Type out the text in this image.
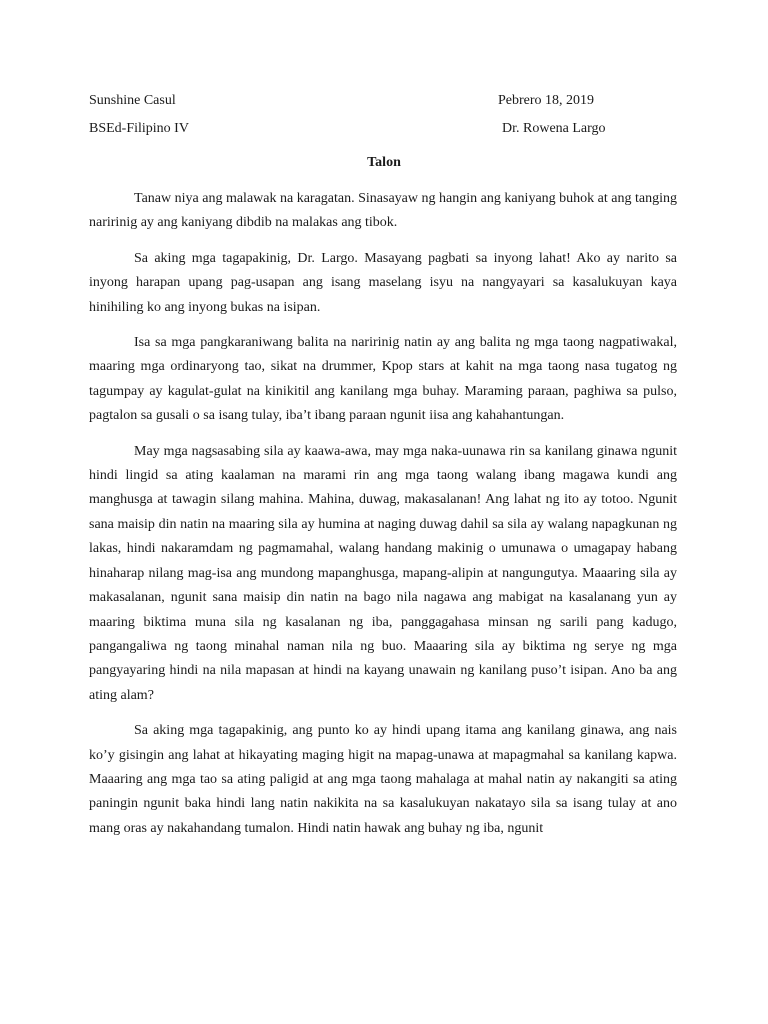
Sunshine Casul	Pebrero 18, 2019
BSEd-Filipino IV	Dr. Rowena Largo
Talon

Tanaw niya ang malawak na karagatan. Sinasayaw ng hangin ang kaniyang buhok at ang tanging naririnig ay ang kaniyang dibdib na malakas ang tibok.

Sa aking mga tagapakinig, Dr. Largo. Masayang pagbati sa inyong lahat! Ako ay narito sa inyong harapan upang pag-usapan ang isang maselang isyu na nangyayari sa kasalukuyan kaya hinihiling ko ang inyong bukas na isipan.

Isa sa mga pangkaraniwang balita na naririnig natin ay ang balita ng mga taong nagpatiwakal, maaring mga ordinaryong tao, sikat na drummer, Kpop stars at kahit na mga taong nasa tugatog ng tagumpay ay kagulat-gulat na kinikitil ang kanilang mga buhay. Maraming paraan, paghiwa sa pulso, pagtalon sa gusali o sa isang tulay, iba’t ibang paraan ngunit iisa ang kahahantungan.

May mga nagsasabing sila ay kaawa-awa, may mga naka-uunawa rin sa kanilang ginawa ngunit hindi lingid sa ating kaalaman na marami rin ang mga taong walang ibang magawa kundi ang manghusga at tawagin silang mahina. Mahina, duwag, makasalanan! Ang lahat ng ito ay totoo. Ngunit sana maisip din natin na maaring sila ay humina at naging duwag dahil sa sila ay walang napagkunan ng lakas, hindi nakaramdam ng pagmamahal, walang handang makinig o umunawa o umagapay habang hinaharap nilang mag-isa ang mundong mapanghusga, mapang-alipin at nangungutya. Maaaring sila ay makasalanan, ngunit sana maisip din natin na bago nila nagawa ang mabigat na kasalanang yun ay maaring biktima muna sila ng kasalanan ng iba, panggagahasa minsan ng sarili pang kadugo, pangangaliwa ng taong minahal naman nila ng buo. Maaaring sila ay biktima ng serye ng mga pangyayaring hindi na nila mapasan at hindi na kayang unawain ng kanilang puso’t isipan. Ano ba ang ating alam?

Sa aking mga tagapakinig, ang punto ko ay hindi upang itama ang kanilang ginawa, ang nais ko’y gisingin ang lahat at hikayating maging higit na mapag-unawa at mapagmahal sa kanilang kapwa. Maaaring ang mga tao sa ating paligid at ang mga taong mahalaga at mahal natin ay nakangiti sa ating paningin ngunit baka hindi lang natin nakikita na sa kasalukuyan nakatayo sila sa isang tulay at ano mang oras ay nakahandang tumalon. Hindi natin hawak ang buhay ng iba, ngunit
